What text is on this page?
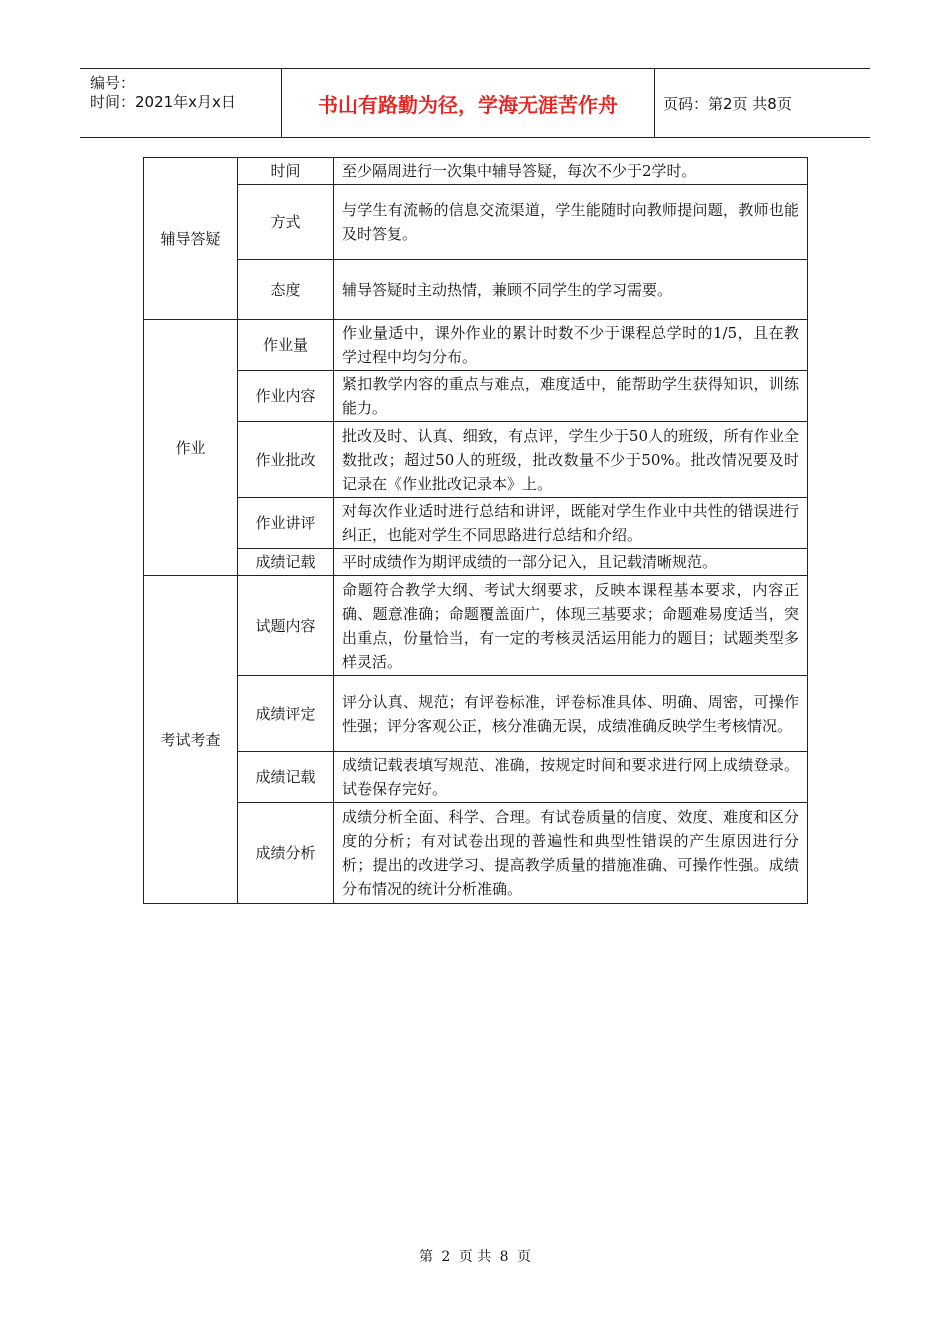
编号：
时间：2021年x月x日	书山有路勤为径，学海无涯苦作舟	页码：第2页 共8页
辅导答疑	时间	至少隔周进行一次集中辅导答疑，每次不少于2学时。
	方式	与学生有流畅的信息交流渠道，学生能随时向教师提问题，教师也能及时答复。
	态度	辅导答疑时主动热情，兼顾不同学生的学习需要。
作业	作业量	作业量适中，课外作业的累计时数不少于课程总学时的1/5，且在教学过程中均匀分布。
	作业内容	紧扣教学内容的重点与难点，难度适中，能帮助学生获得知识，训练能力。
	作业批改	批改及时、认真、细致，有点评，学生少于50人的班级，所有作业全数批改；超过50人的班级，批改数量不少于50%。批改情况要及时记录在《作业批改记录本》上。
	作业讲评	对每次作业适时进行总结和讲评，既能对学生作业中共性的错误进行纠正，也能对学生不同思路进行总结和介绍。
	成绩记载	平时成绩作为期评成绩的一部分记入，且记载清晰规范。
考试考查	试题内容	命题符合教学大纲、考试大纲要求，反映本课程基本要求，内容正确、题意准确；命题覆盖面广，体现三基要求；命题难易度适当，突出重点，份量恰当，有一定的考核灵活运用能力的题目；试题类型多样灵活。
	成绩评定	评分认真、规范；有评卷标准，评卷标准具体、明确、周密，可操作性强；评分客观公正，核分准确无误，成绩准确反映学生考核情况。
	成绩记载	成绩记载表填写规范、准确，按规定时间和要求进行网上成绩登录。试卷保存完好。
	成绩分析	成绩分析全面、科学、合理。有试卷质量的信度、效度、难度和区分度的分析；有对试卷出现的普遍性和典型性错误的产生原因进行分析；提出的改进学习、提高教学质量的措施准确、可操作性强。成绩分布情况的统计分析准确。
第 2 页 共 8 页
